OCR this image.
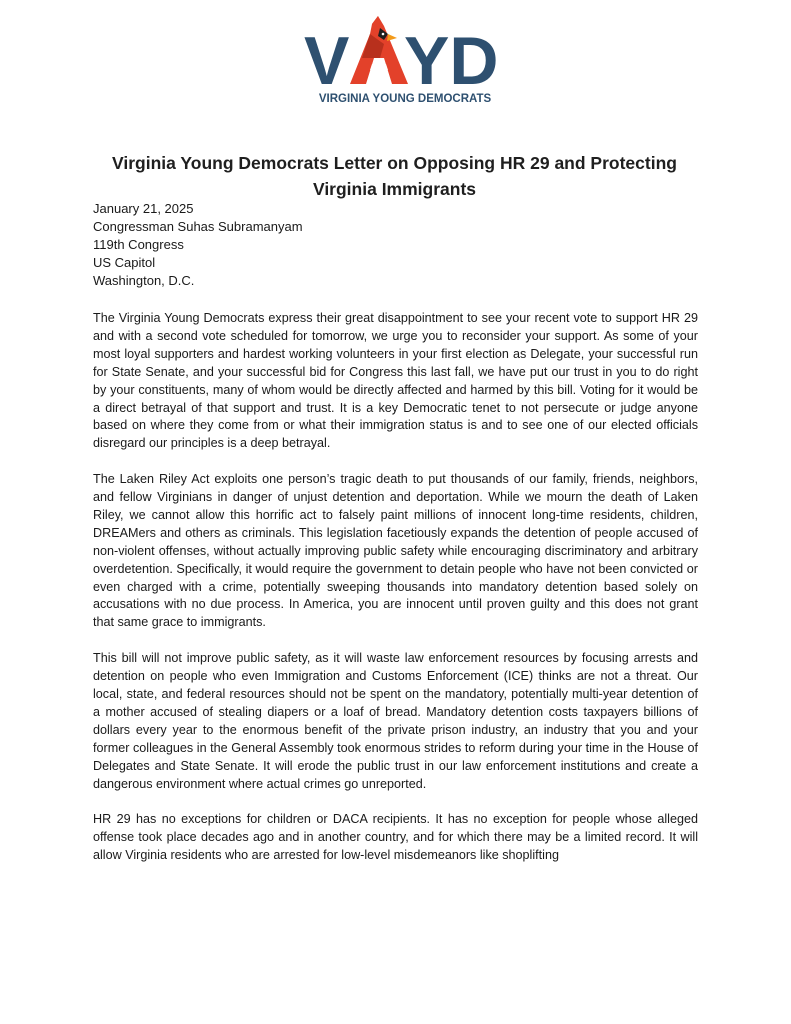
V YD
VIRGINIA YOUNG DEMOCRATS
Virginia Young Democrats Letter on Opposing HR 29 and Protecting Virginia Immigrants
January 21, 2025
Congressman Suhas Subramanyam
119th Congress
US Capitol
Washington, D.C.

The Virginia Young Democrats express their great disappointment to see your recent vote to support HR 29 and with a second vote scheduled for tomorrow, we urge you to reconsider your support. As some of your most loyal supporters and hardest working volunteers in your first election as Delegate, your successful run for State Senate, and your successful bid for Congress this last fall, we have put our trust in you to do right by your constituents, many of whom would be directly affected and harmed by this bill. Voting for it would be a direct betrayal of that support and trust. It is a key Democratic tenet to not persecute or judge anyone based on where they come from or what their immigration status is and to see one of our elected officials disregard our principles is a deep betrayal.

The Laken Riley Act exploits one person’s tragic death to put thousands of our family, friends, neighbors, and fellow Virginians in danger of unjust detention and deportation. While we mourn the death of Laken Riley, we cannot allow this horrific act to falsely paint millions of innocent long-time residents, children, DREAMers and others as criminals. This legislation facetiously expands the detention of people accused of non-violent offenses, without actually improving public safety while encouraging discriminatory and arbitrary overdetention. Specifically, it would require the government to detain people who have not been convicted or even charged with a crime, potentially sweeping thousands into mandatory detention based solely on accusations with no due process. In America, you are innocent until proven guilty and this does not grant that same grace to immigrants.

This bill will not improve public safety, as it will waste law enforcement resources by focusing arrests and detention on people who even Immigration and Customs Enforcement (ICE) thinks are not a threat. Our local, state, and federal resources should not be spent on the mandatory, potentially multi-year detention of a mother accused of stealing diapers or a loaf of bread. Mandatory detention costs taxpayers billions of dollars every year to the enormous benefit of the private prison industry, an industry that you and your former colleagues in the General Assembly took enormous strides to reform during your time in the House of Delegates and State Senate. It will erode the public trust in our law enforcement institutions and create a dangerous environment where actual crimes go unreported.

HR 29 has no exceptions for children or DACA recipients. It has no exception for people whose alleged offense took place decades ago and in another country, and for which there may be a limited record. It will allow Virginia residents who are arrested for low-level misdemeanors like shoplifting
